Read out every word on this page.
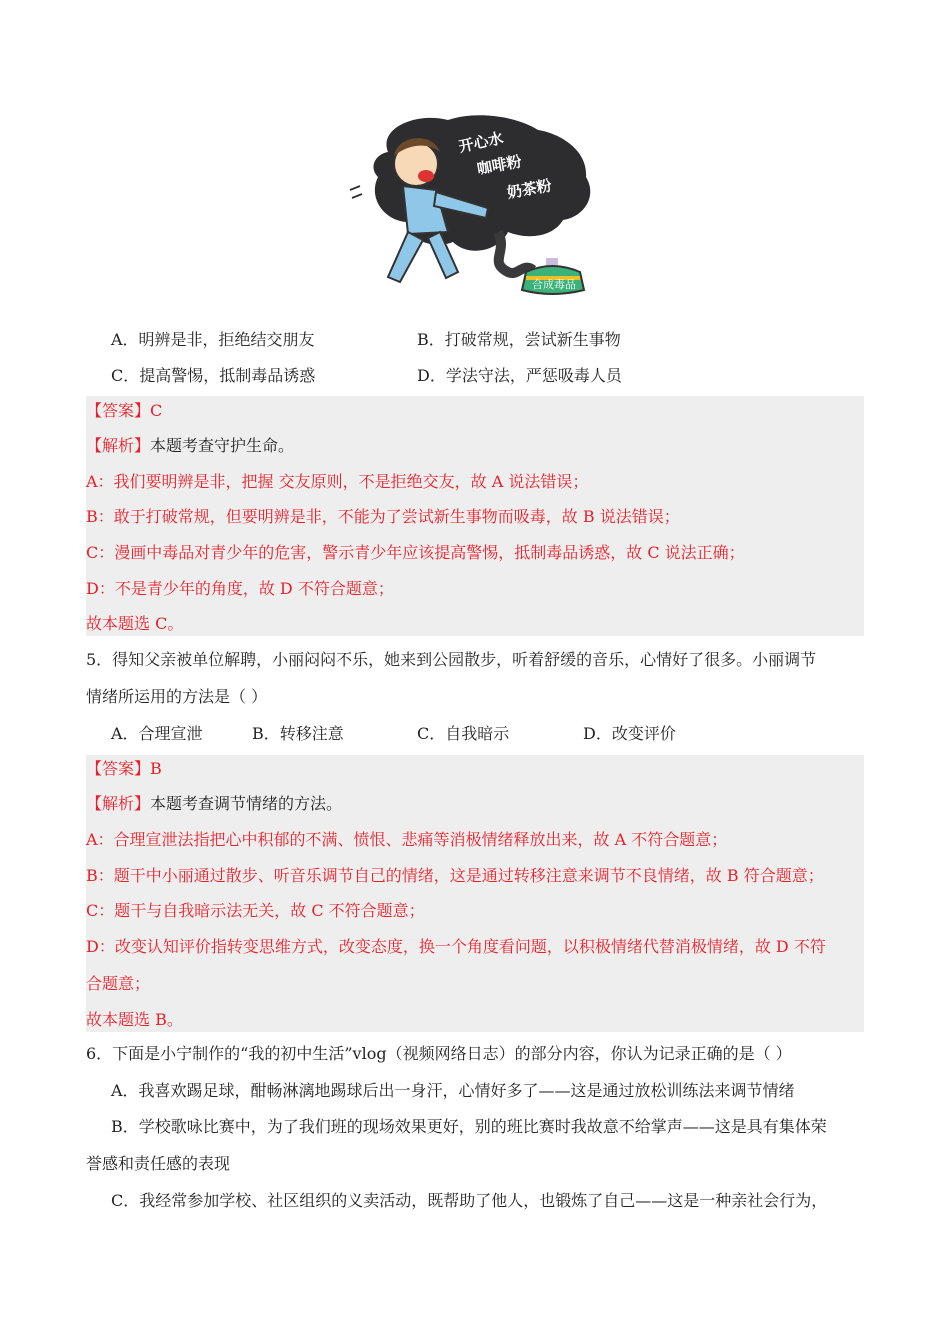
开心水
咖啡粉
奶茶粉
合成毒品
A．明辨是非，拒绝结交朋友	B．打破常规，尝试新生事物
C．提高警惕，抵制毒品诱惑	D．学法守法，严惩吸毒人员
【答案】C
【解析】本题考查守护生命。
A：我们要明辨是非，把握 交友原则，不是拒绝交友，故 A 说法错误；
B：敢于打破常规，但要明辨是非，不能为了尝试新生事物而吸毒，故 B 说法错误；
C：漫画中毒品对青少年的危害，警示青少年应该提高警惕，抵制毒品诱惑，故 C 说法正确；
D：不是青少年的角度，故 D 不符合题意；
故本题选 C。
5．得知父亲被单位解聘，小丽闷闷不乐，她来到公园散步，听着舒缓的音乐，心情好了很多。小丽调节
情绪所运用的方法是（ ）
A．合理宣泄	B．转移注意	C．自我暗示	D．改变评价
【答案】B
【解析】本题考查调节情绪的方法。
A：合理宣泄法指把心中积郁的不满、愤恨、悲痛等消极情绪释放出来，故 A 不符合题意；
B：题干中小丽通过散步、听音乐调节自己的情绪，这是通过转移注意来调节不良情绪，故 B 符合题意；
C：题干与自我暗示法无关，故 C 不符合题意；
D：改变认知评价指转变思维方式，改变态度，换一个角度看问题，以积极情绪代替消极情绪，故 D 不符
合题意；
故本题选 B。
6．下面是小宁制作的“我的初中生活”vlog（视频网络日志）的部分内容，你认为记录正确的是（ ）
A．我喜欢踢足球，酣畅淋漓地踢球后出一身汗，心情好多了——这是通过放松训练法来调节情绪
B．学校歌咏比赛中，为了我们班的现场效果更好，别的班比赛时我故意不给掌声——这是具有集体荣
誉感和责任感的表现
C．我经常参加学校、社区组织的义卖活动，既帮助了他人，也锻炼了自己——这是一种亲社会行为，
